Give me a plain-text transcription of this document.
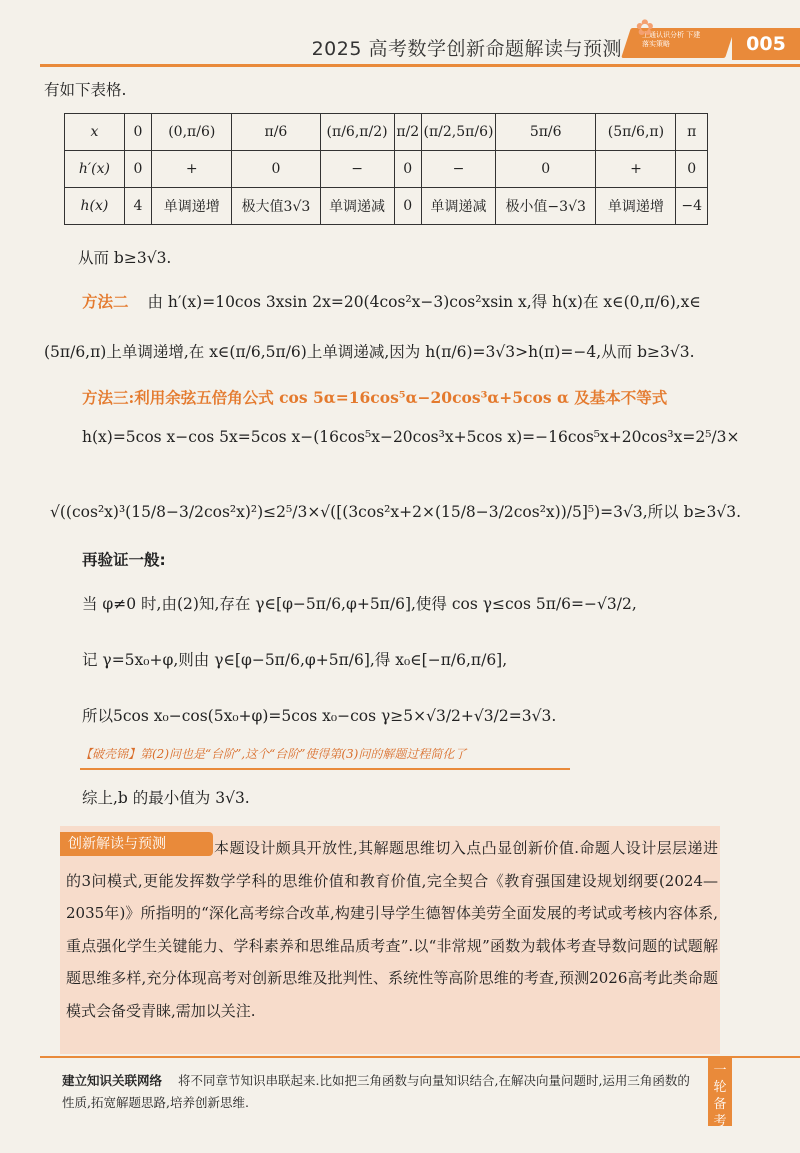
2025 高考数学创新命题解读与预测
上通认识分析 下建落实策略
✿
005
有如下表格.
x	0	(0,π/6)	π/6	(π/6,π/2)	π/2	(π/2,5π/6)	5π/6	(5π/6,π)	π
h′(x)	0	+	0	−	0	−	0	+	0
h(x)	4	单调递增	极大值3√3	单调递减	0	单调递减	极小值−3√3	单调递增	−4
从而 b≥3√3.
方法二 由 h′(x)=10cos 3xsin 2x=20(4cos²x−3)cos²xsin x,得 h(x)在 x∈(0,π/6),x∈
(5π/6,π)上单调递增,在 x∈(π/6,5π/6)上单调递减,因为 h(π/6)=3√3>h(π)=−4,从而 b≥3√3.
方法三:利用余弦五倍角公式 cos 5α=16cos⁵α−20cos³α+5cos α 及基本不等式
h(x)=5cos x−cos 5x=5cos x−(16cos⁵x−20cos³x+5cos x)=−16cos⁵x+20cos³x=2⁵/3×
√((cos²x)³(15/8−3/2cos²x)²)≤2⁵/3×√([(3cos²x+2×(15/8−3/2cos²x))/5]⁵)=3√3,所以 b≥3√3.
再验证一般:
当 φ≠0 时,由(2)知,存在 γ∈[φ−5π/6,φ+5π/6],使得 cos γ≤cos 5π/6=−√3/2,
记 γ=5x₀+φ,则由 γ∈[φ−5π/6,φ+5π/6],得 x₀∈[−π/6,π/6],
所以5cos x₀−cos(5x₀+φ)=5cos x₀−cos γ≥5×√3/2+√3/2=3√3.
【破壳锦】第(2)问也是“台阶”,这个“台阶”使得第(3)问的解题过程简化了
综上,b 的最小值为 3√3.
本题设计颇具开放性,其解题思维切入点凸显创新价值.命题人设计层层递进的3问模式,更能发挥数学学科的思维价值和教育价值,完全契合《教育强国建设规划纲要(2024—2035年)》所指明的“深化高考综合改革,构建引导学生德智体美劳全面发展的考试或考核内容体系,重点强化学生关键能力、学科素养和思维品质考查”.以“非常规”函数为载体考查导数问题的试题解题思维多样,充分体现高考对创新思维及批判性、系统性等高阶思维的考查,预测2026高考此类命题模式会备受青睐,需加以关注.
创新解读与预测
建立知识关联网络 将不同章节知识串联起来.比如把三角函数与向量知识结合,在解决向量问题时,运用三角函数的性质,拓宽解题思路,培养创新思维.
一轮备考
